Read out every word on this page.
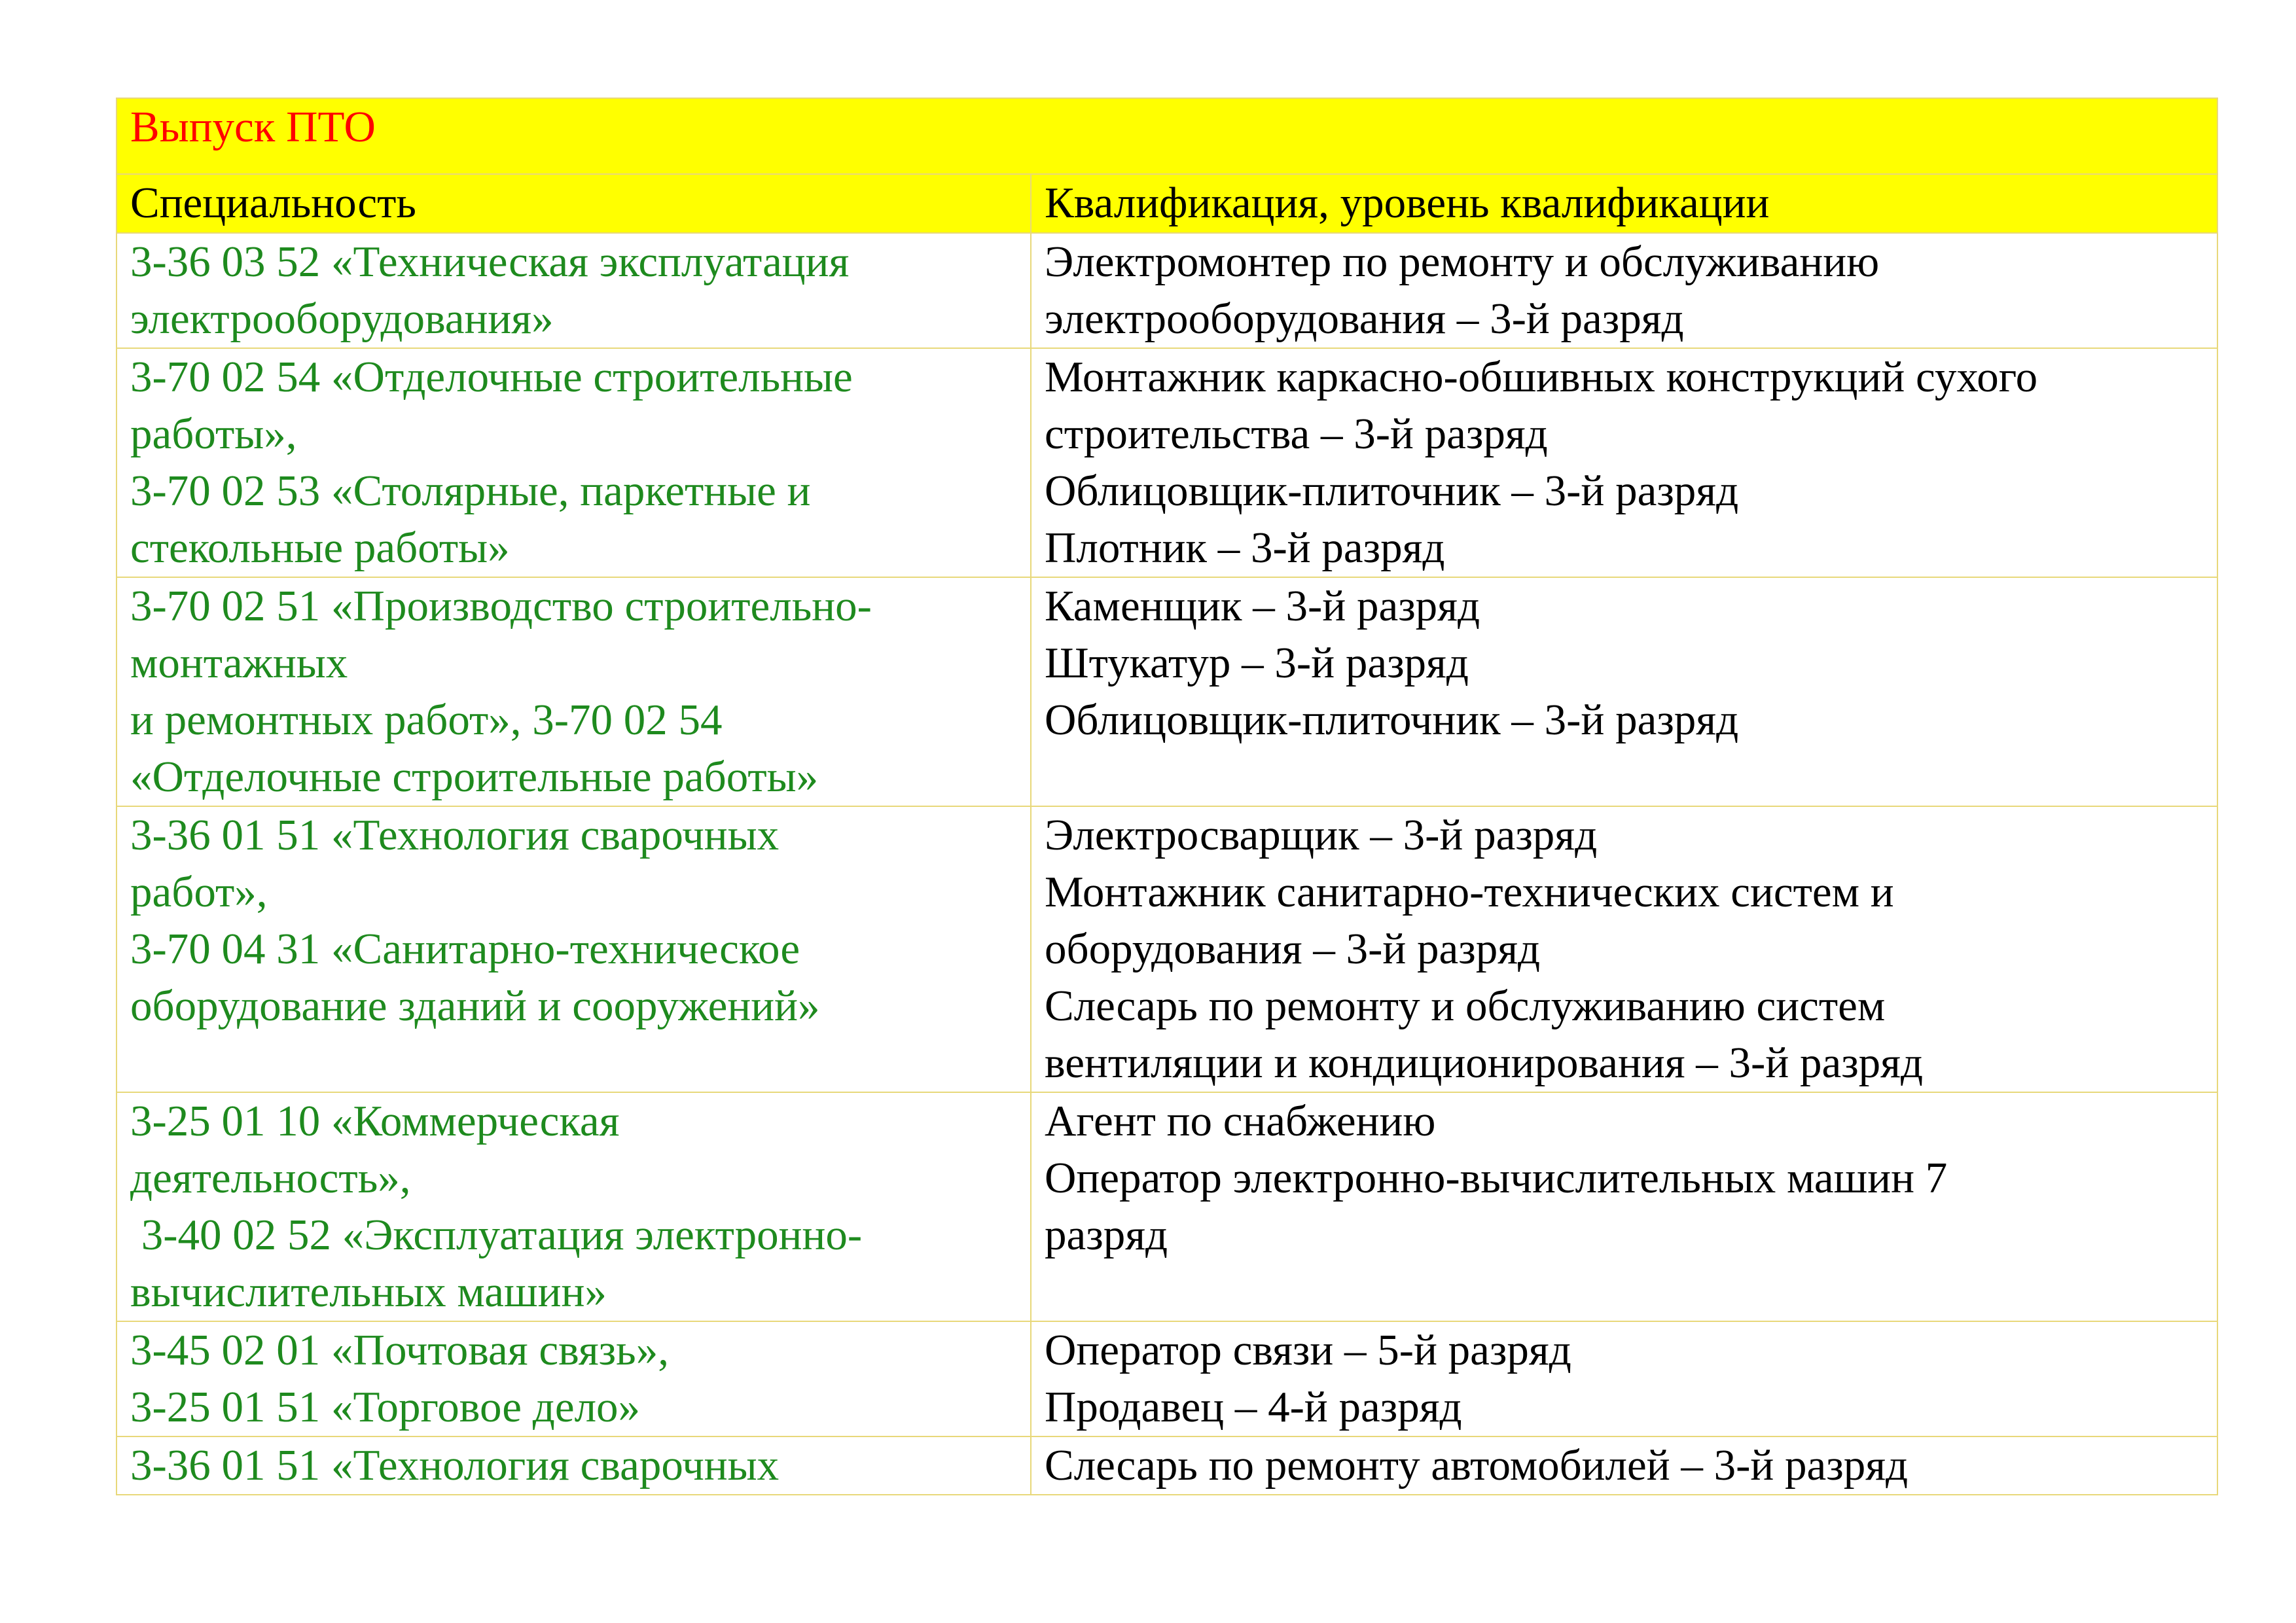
Выпуск ПТО	
Специальность	Квалификация, уровень квалификации

3-36 03 52 «Техническая эксплуатация
электрооборудования»	Электромонтер по ремонту и обслуживанию
электрооборудования – 3-й разряд

3-70 02 54 «Отделочные строительные
работы»,
3-70 02 53 «Столярные, паркетные и
стекольные работы»	Монтажник каркасно-обшивных конструкций сухого
строительства – 3-й разряд
Облицовщик-плиточник – 3-й разряд
Плотник – 3-й разряд

3-70 02 51 «Производство строительно-
монтажных
и ремонтных работ», 3-70 02 54
«Отделочные строительные работы»	Каменщик – 3-й разряд
Штукатур – 3-й разряд
Облицовщик-плиточник – 3-й разряд

3-36 01 51 «Технология сварочных
работ»,
3-70 04 31 «Санитарно-техническое
оборудование зданий и сооружений»	Электросварщик – 3-й разряд
Монтажник санитарно-технических систем и
оборудования – 3-й разряд
Слесарь по ремонту и обслуживанию систем
вентиляции и кондиционирования – 3-й разряд

3-25 01 10 «Коммерческая
деятельность»,
3-40 02 52 «Эксплуатация электронно-
вычислительных машин»	Агент по снабжению
Оператор электронно-вычислительных машин 7
разряд

3-45 02 01 «Почтовая связь»,
3-25 01 51 «Торговое дело»	Оператор связи – 5-й разряд
Продавец – 4-й разряд

3-36 01 51 «Технология сварочных	Слесарь по ремонту автомобилей – 3-й разряд
